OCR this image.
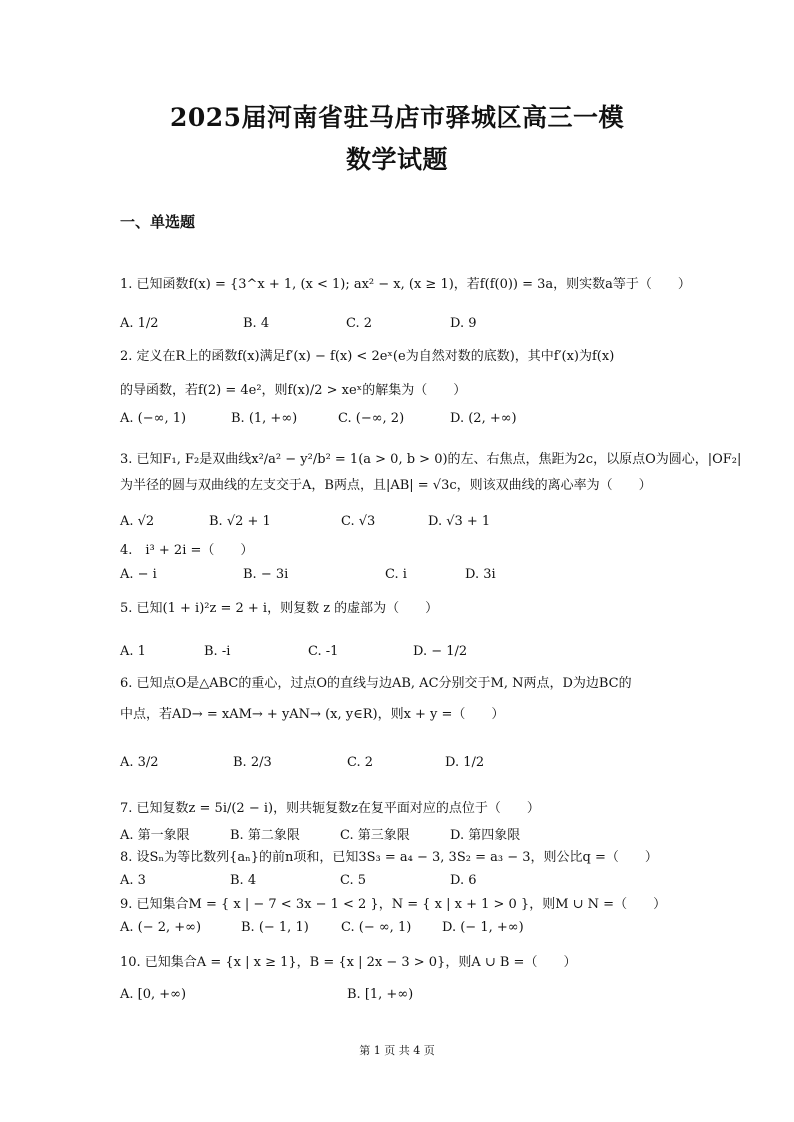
2025届河南省驻马店市驿城区高三一模
数学试题
一、单选题
1. 已知函数f(x) = {3^x + 1, (x < 1); ax² − x, (x ≥ 1)，若f(f(0)) = 3a，则实数a等于（　　）
A. 1/2	B. 4	C. 2	D. 9
2. 定义在R上的函数f(x)满足f′(x) − f(x) < 2eˣ(e为自然对数的底数)，其中f′(x)为f(x)
的导函数，若f(2) = 4e²，则f(x)/2 > xeˣ的解集为（　　）
A. (−∞, 1)	B. (1, +∞)	C. (−∞, 2)	D. (2, +∞)
3. 已知F₁, F₂是双曲线x²/a² − y²/b² = 1(a > 0, b > 0)的左、右焦点，焦距为2c，以原点O为圆心，|OF₂|
为半径的圆与双曲线的左支交于A，B两点，且|AB| = √3c，则该双曲线的离心率为（　　）
A. √2	B. √2 + 1	C. √3	D. √3 + 1
4.　i³ + 2i =（　　）
A. − i	B. − 3i	C. i	D. 3i
5. 已知(1 + i)²z = 2 + i，则复数 z 的虚部为（　　）
A. 1	B. -i	C. -1	D. − 1/2
6. 已知点O是△ABC的重心，过点O的直线与边AB, AC分别交于M, N两点，D为边BC的
中点，若AD→ = xAM→ + yAN→ (x, y∈R)，则x + y =（　　）
A. 3/2	B. 2/3	C. 2	D. 1/2
7. 已知复数z = 5i/(2 − i)，则共轭复数z在复平面对应的点位于（　　）
A. 第一象限	B. 第二象限	C. 第三象限	D. 第四象限
8. 设Sₙ为等比数列{aₙ}的前n项和，已知3S₃ = a₄ − 3, 3S₂ = a₃ − 3，则公比q =（　　）
A. 3	B. 4	C. 5	D. 6
9. 已知集合M = { x | − 7 < 3x − 1 < 2 }，N = { x | x + 1 > 0 }，则M ∪ N =（　　）
A. (− 2, +∞)	B. (− 1, 1) C. (− ∞, 1) D. (− 1, +∞)
10. 已知集合A = {x | x ≥ 1}，B = {x | 2x − 3 > 0}，则A ∪ B =（　　）
A. [0, +∞)	B. [1, +∞)
第 1 页 共 4 页
